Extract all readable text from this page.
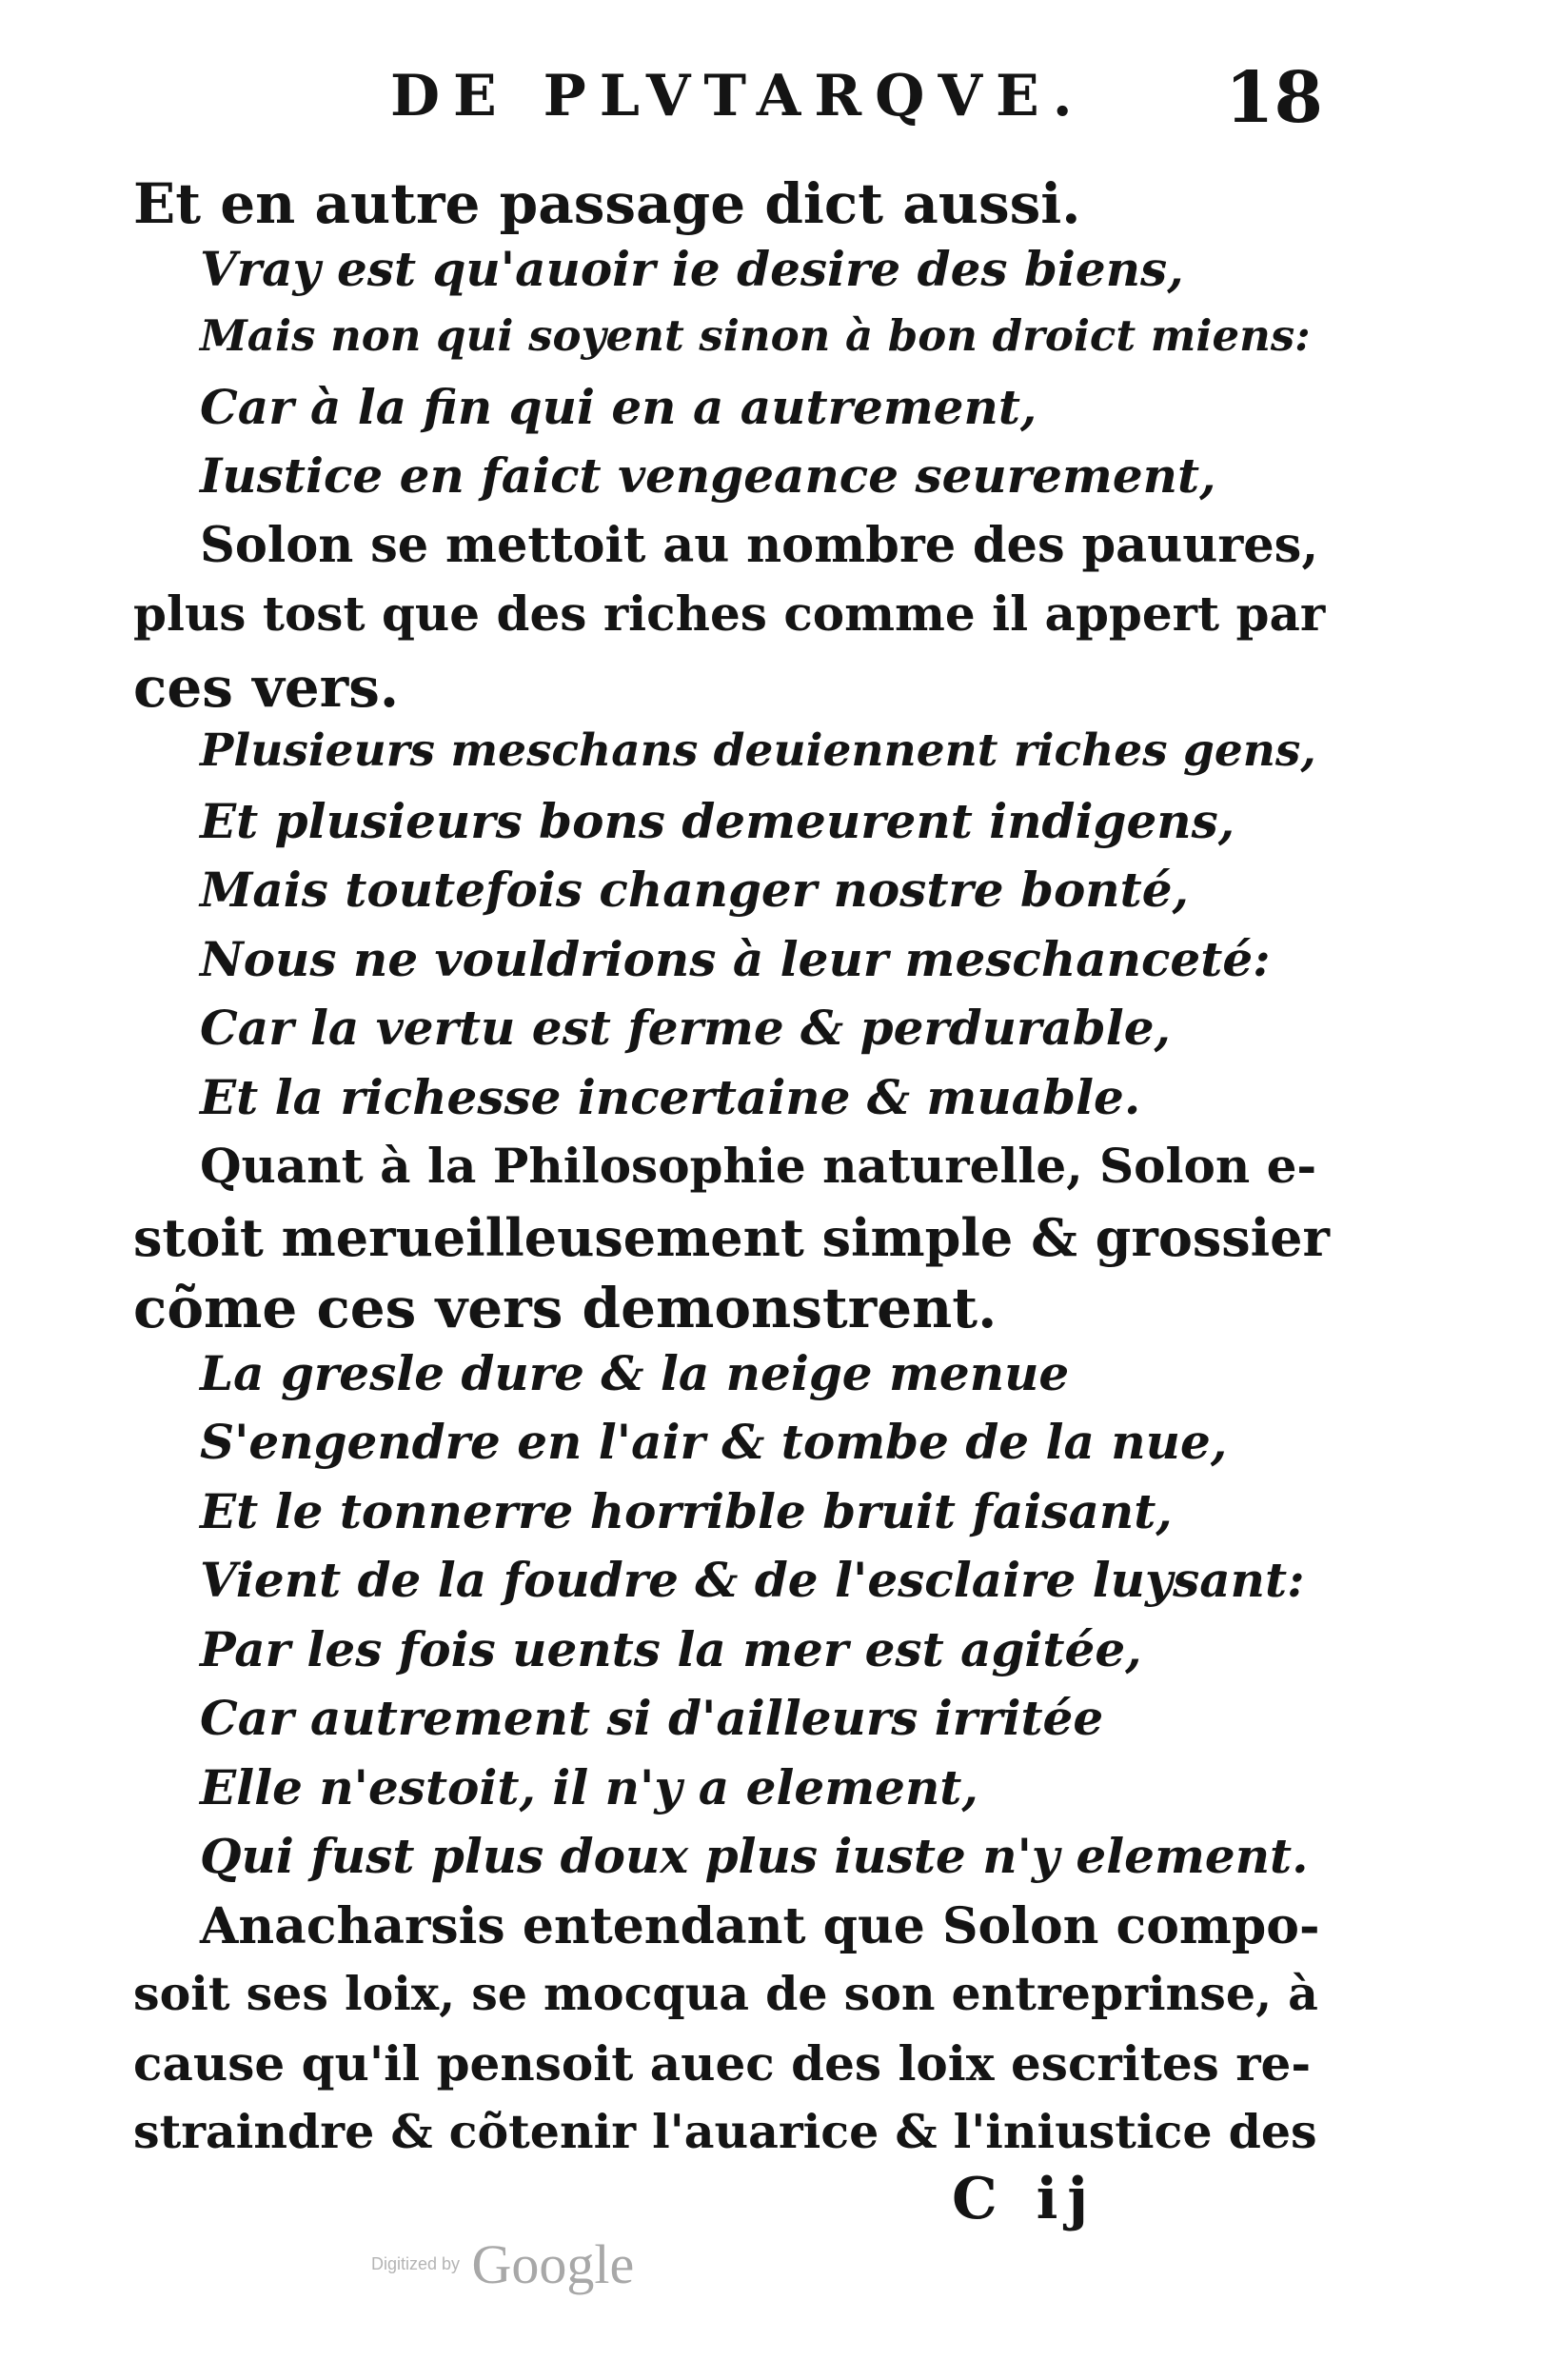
DE PLVTARQVE. 18
Et en autre passage dict aussi.
Vray est qu'auoir ie desire des biens,
Mais non qui soyent sinon à bon droict miens:
Car à la fin qui en a autrement,
Iustice en faict vengeance seurement,
Solon se mettoit au nombre des pauures,
plus tost que des riches comme il appert par
ces vers.
Plusieurs meschans deuiennent riches gens,
Et plusieurs bons demeurent indigens,
Mais toutefois changer nostre bonté,
Nous ne vouldrions à leur meschanceté:
Car la vertu est ferme & perdurable,
Et la richesse incertaine & muable.
Quant à la Philosophie naturelle, Solon e-
stoit merueilleusement simple & grossier
cõme ces vers demonstrent.
La gresle dure & la neige menue
S'engendre en l'air & tombe de la nue,
Et le tonnerre horrible bruit faisant,
Vient de la foudre & de l'esclaire luysant:
Par les fois uents la mer est agitée,
Car autrement si d'ailleurs irritée
Elle n'estoit, il n'y a element,
Qui fust plus doux plus iuste n'y element.
Anacharsis entendant que Solon compo-
soit ses loix, se mocqua de son entreprinse, à
cause qu'il pensoit auec des loix escrites re-
straindre & cõtenir l'auarice & l'iniustice des
C ij
Digitized by Google
